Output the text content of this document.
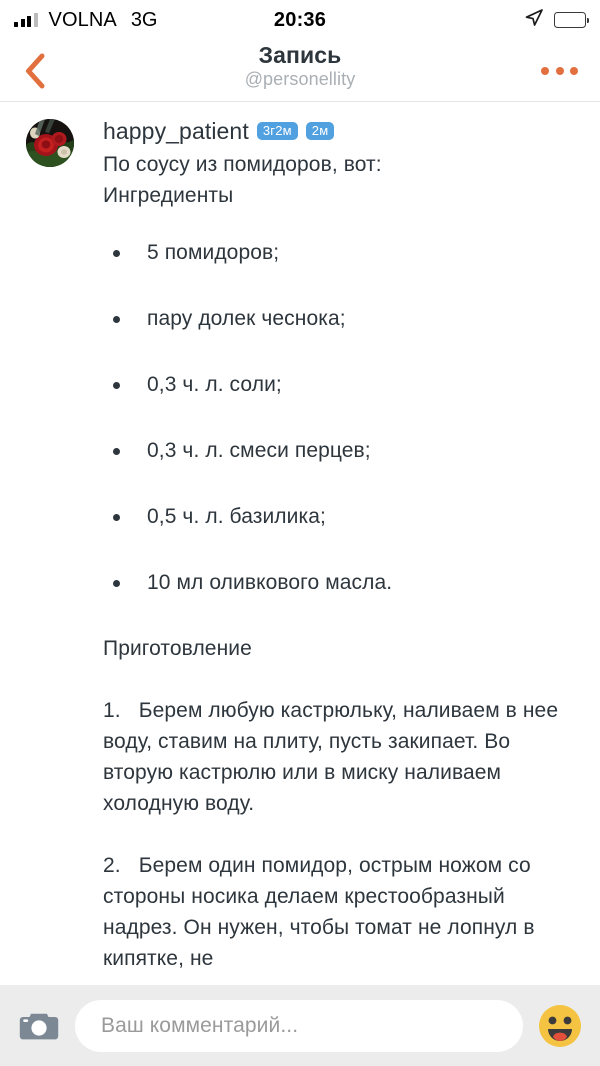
VOLNA 3G	20:36
Запись
@personellity
happy_patient	3г2м	2м
По соусу из помидоров, вот:
Ингредиенты
5 помидоров;
пару долек чеснока;
0,3 ч. л. соли;
0,3 ч. л. смеси перцев;
0,5 ч. л. базилика;
10 мл оливкового масла.
Приготовление
1. Берем любую кастрюльку, наливаем в нее воду, ставим на плиту, пусть закипает. Во вторую кастрюлю или в миску наливаем холодную воду.
2. Берем один помидор, острым ножом со стороны носика делаем крестообразный надрез. Он нужен, чтобы томат не лопнул в кипятке, не
Ваш комментарий...
